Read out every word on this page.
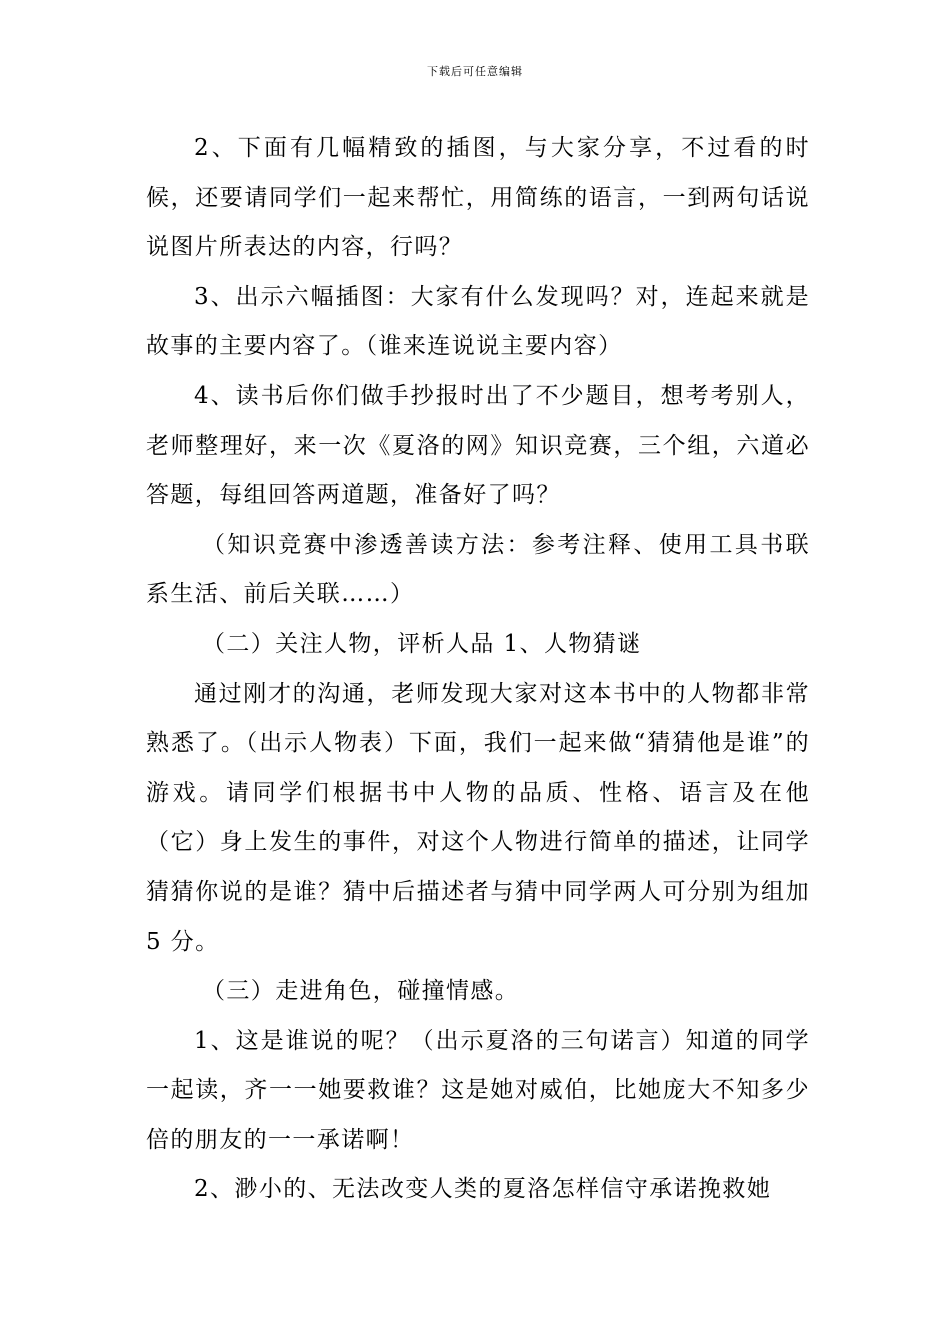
下载后可任意编辑

2、下面有几幅精致的插图，与大家分享，不过看的时候，还要请同学们一起来帮忙，用简练的语言，一到两句话说说图片所表达的内容，行吗？

3、出示六幅插图：大家有什么发现吗？对，连起来就是故事的主要内容了。（谁来连说说主要内容）

4、读书后你们做手抄报时出了不少题目，想考考别人，老师整理好，来一次《夏洛的网》知识竞赛，三个组，六道必答题，每组回答两道题，准备好了吗？

（知识竞赛中渗透善读方法：参考注释、使用工具书联系生活、前后关联……）

（二）关注人物，评析人品 1、人物猜谜

通过刚才的沟通，老师发现大家对这本书中的人物都非常熟悉了。（出示人物表）下面，我们一起来做“猜猜他是谁”的游戏。请同学们根据书中人物的品质、性格、语言及在他（它）身上发生的事件，对这个人物进行简单的描述，让同学猜猜你说的是谁？猜中后描述者与猜中同学两人可分别为组加 5 分。

（三）走进角色，碰撞情感。

1、这是谁说的呢？（出示夏洛的三句诺言）知道的同学一起读，齐一一她要救谁？这是她对威伯，比她庞大不知多少倍的朋友的一一承诺啊！

2、渺小的、无法改变人类的夏洛怎样信守承诺挽救她
